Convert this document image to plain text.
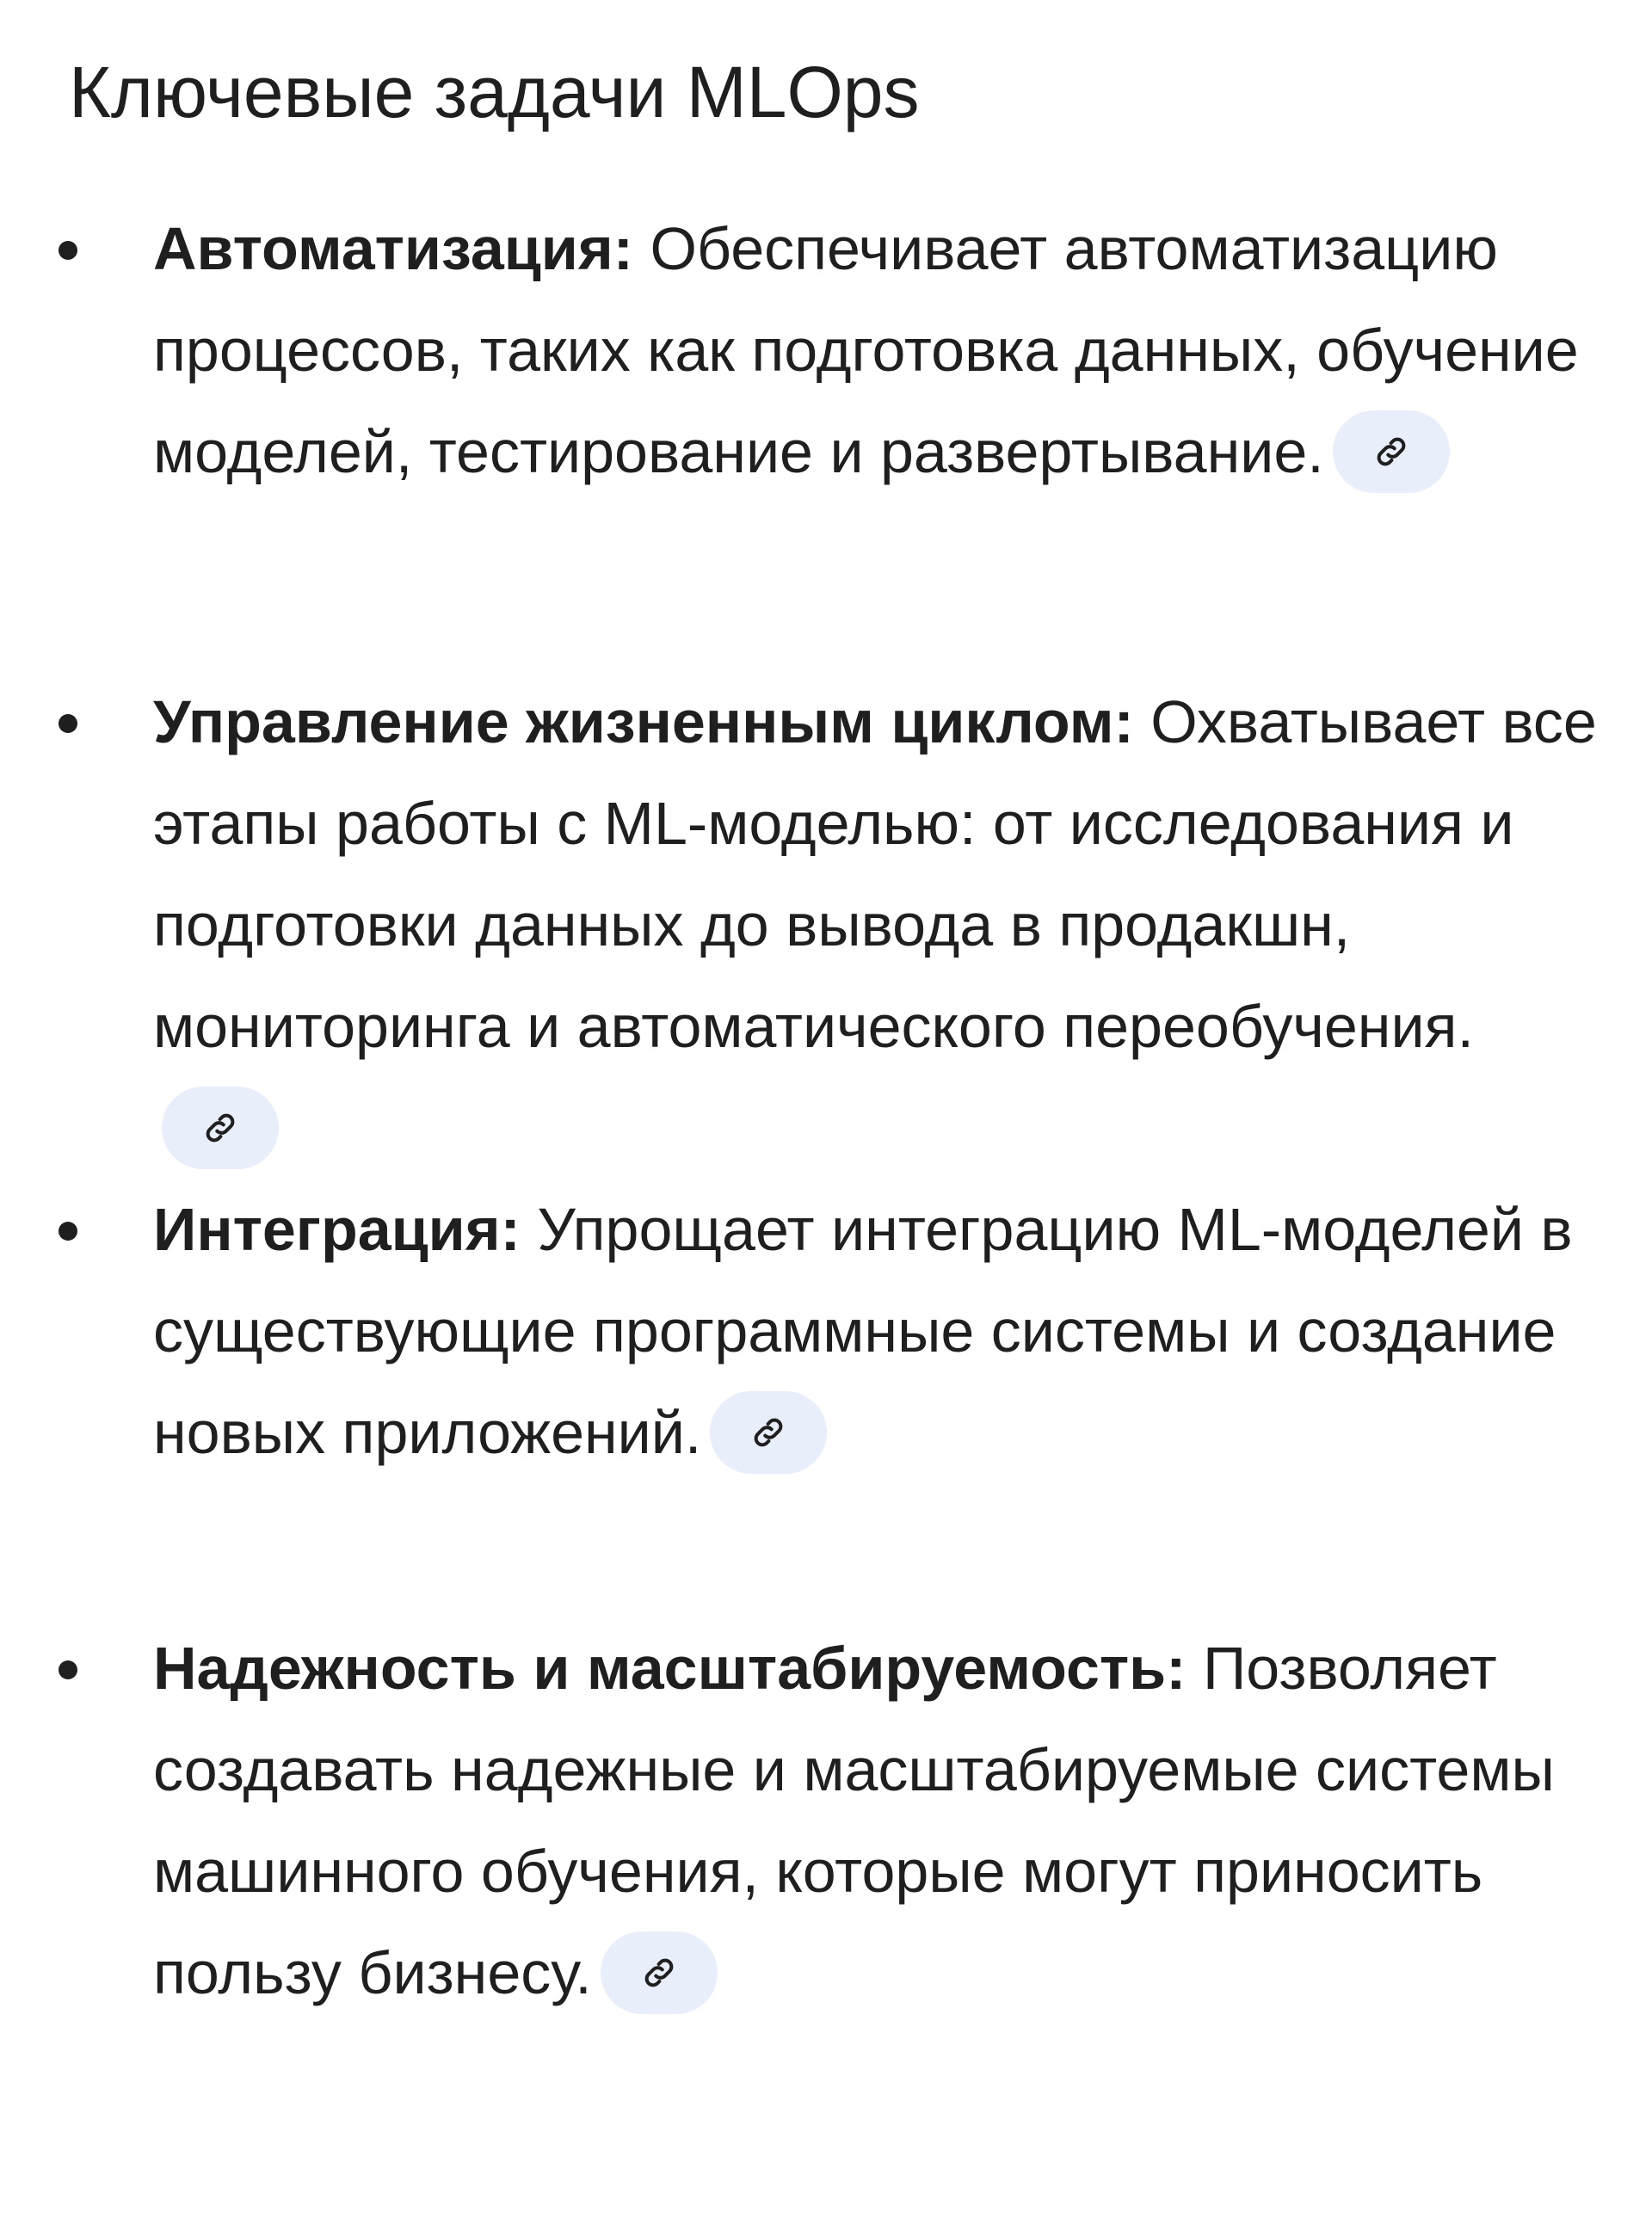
Ключевые задачи MLOps

Автоматизация: Обеспечивает автоматизацию процессов, таких как подготовка данных, обучение моделей, тестирование и развертывание.

Управление жизненным циклом: Охватывает все этапы работы с ML-моделью: от исследования и подготовки данных до вывода в продакшн, мониторинга и автоматического переобучения.

Интеграция: Упрощает интеграцию ML-моделей в существующие программные системы и создание новых приложений.

Надежность и масштабируемость: Позволяет создавать надежные и масштабируемые системы машинного обучения, которые могут приносить пользу бизнесу.
